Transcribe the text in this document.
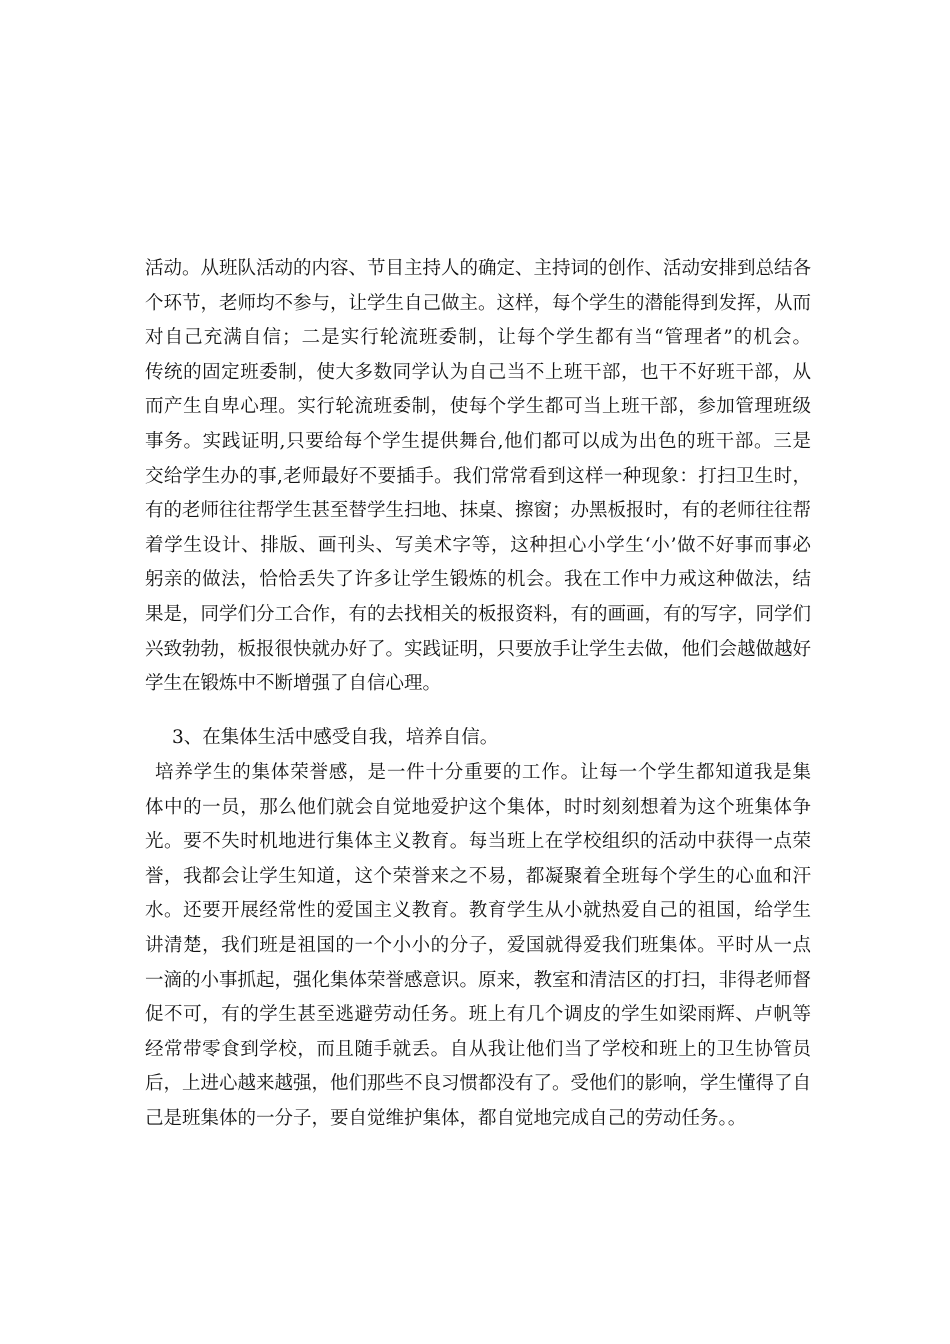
活动。从班队活动的内容、节目主持人的确定、主持词的创作、活动安排到总结各
个环节，老师均不参与，让学生自己做主。这样，每个学生的潜能得到发挥，从而
对自己充满自信；二是实行轮流班委制，让每个学生都有当“管理者”的机会。
传统的固定班委制，使大多数同学认为自己当不上班干部，也干不好班干部，从
而产生自卑心理。实行轮流班委制，使每个学生都可当上班干部，参加管理班级
事务。实践证明,只要给每个学生提供舞台,他们都可以成为出色的班干部。三是
交给学生办的事,老师最好不要插手。我们常常看到这样一种现象：打扫卫生时，
有的老师往往帮学生甚至替学生扫地、抹桌、擦窗；办黑板报时，有的老师往往帮
着学生设计、排版、画刊头、写美术字等，这种担心小学生‘小’做不好事而事必
躬亲的做法，恰恰丢失了许多让学生锻炼的机会。我在工作中力戒这种做法，结
果是，同学们分工合作，有的去找相关的板报资料，有的画画，有的写字，同学们
兴致勃勃，板报很快就办好了。实践证明，只要放手让学生去做，他们会越做越好
学生在锻炼中不断增强了自信心理。
3、在集体生活中感受自我，培养自信。
培养学生的集体荣誉感，是一件十分重要的工作。让每一个学生都知道我是集
体中的一员，那么他们就会自觉地爱护这个集体，时时刻刻想着为这个班集体争
光。要不失时机地进行集体主义教育。每当班上在学校组织的活动中获得一点荣
誉，我都会让学生知道，这个荣誉来之不易，都凝聚着全班每个学生的心血和汗
水。还要开展经常性的爱国主义教育。教育学生从小就热爱自己的祖国，给学生
讲清楚，我们班是祖国的一个小小的分子，爱国就得爱我们班集体。平时从一点
一滴的小事抓起，强化集体荣誉感意识。原来，教室和清洁区的打扫，非得老师督
促不可，有的学生甚至逃避劳动任务。班上有几个调皮的学生如梁雨辉、卢帆等
经常带零食到学校，而且随手就丢。自从我让他们当了学校和班上的卫生协管员
后，上进心越来越强，他们那些不良习惯都没有了。受他们的影响，学生懂得了自
己是班集体的一分子，要自觉维护集体，都自觉地完成自己的劳动任务。。
